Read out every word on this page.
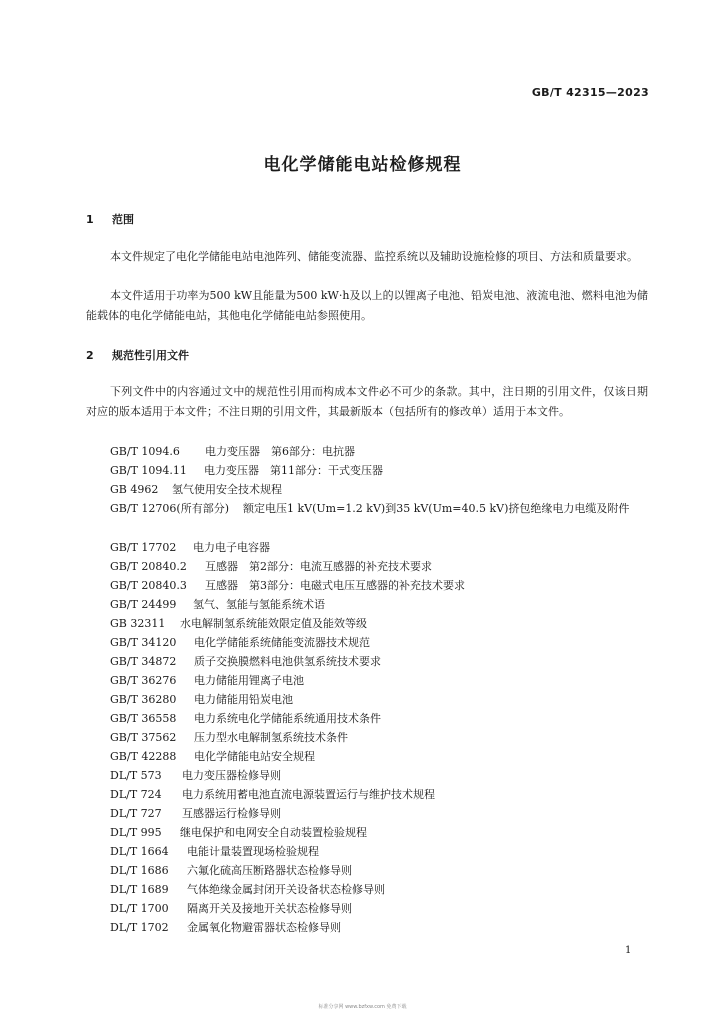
GB/T 42315—2023
电化学储能电站检修规程
1 范围

本文件规定了电化学储能电站电池阵列、储能变流器、监控系统以及辅助设施检修的项目、方法和质量要求。

本文件适用于功率为500 kW且能量为500 kW·h及以上的以锂离子电池、铅炭电池、液流电池、燃料电池为储能载体的电化学储能电站，其他电化学储能电站参照使用。

2 规范性引用文件

下列文件中的内容通过文中的规范性引用而构成本文件必不可少的条款。其中，注日期的引用文件，仅该日期对应的版本适用于本文件；不注日期的引用文件，其最新版本（包括所有的修改单）适用于本文件。

GB/T 1094.6 电力变压器　第6部分：电抗器
GB/T 1094.11 电力变压器　第11部分：干式变压器
GB 4962 氢气使用安全技术规程

GB/T 12706(所有部分) 额定电压1 kV(Um=1.2 kV)到35 kV(Um=40.5 kV)挤包绝缘电力电缆及附件

GB/T 17702 电力电子电容器
GB/T 20840.2 互感器　第2部分：电流互感器的补充技术要求
GB/T 20840.3 互感器　第3部分：电磁式电压互感器的补充技术要求
GB/T 24499 氢气、氢能与氢能系统术语
GB 32311 水电解制氢系统能效限定值及能效等级
GB/T 34120 电化学储能系统储能变流器技术规范
GB/T 34872 质子交换膜燃料电池供氢系统技术要求
GB/T 36276 电力储能用锂离子电池
GB/T 36280 电力储能用铅炭电池
GB/T 36558 电力系统电化学储能系统通用技术条件
GB/T 37562 压力型水电解制氢系统技术条件
GB/T 42288 电化学储能电站安全规程
DL/T 573 电力变压器检修导则
DL/T 724 电力系统用蓄电池直流电源装置运行与维护技术规程
DL/T 727 互感器运行检修导则
DL/T 995 继电保护和电网安全自动装置检验规程
DL/T 1664 电能计量装置现场检验规程
DL/T 1686 六氟化硫高压断路器状态检修导则
DL/T 1689 气体绝缘金属封闭开关设备状态检修导则
DL/T 1700 隔离开关及接地开关状态检修导则
DL/T 1702 金属氧化物避雷器状态检修导则
1
标准分享网 www.bzfxw.com 免费下载
